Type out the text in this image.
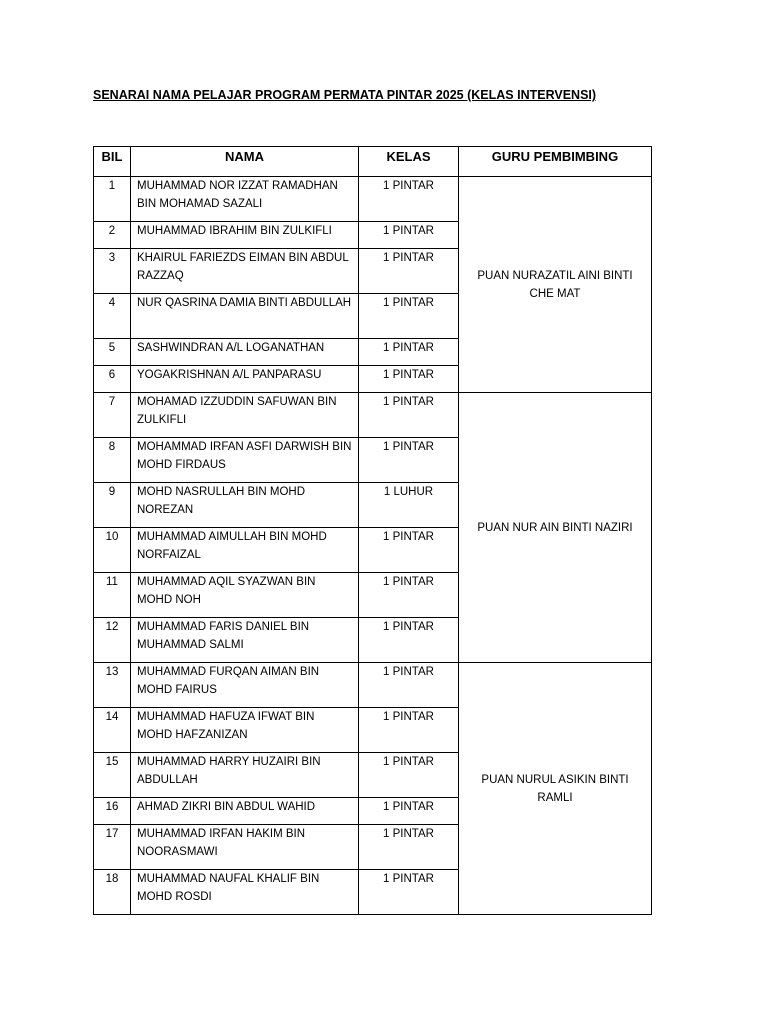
SENARAI NAMA PELAJAR PROGRAM PERMATA PINTAR 2025 (KELAS INTERVENSI)
BIL	NAMA	KELAS	GURU PEMBIMBING
1	MUHAMMAD NOR IZZAT RAMADHAN BIN MOHAMAD SAZALI	1 PINTAR	PUAN NURAZATIL AINI BINTI CHE MAT
2	MUHAMMAD IBRAHIM BIN ZULKIFLI	1 PINTAR	
3	KHAIRUL FARIEZDS EIMAN BIN ABDUL RAZZAQ	1 PINTAR	
4	NUR QASRINA DAMIA BINTI ABDULLAH	1 PINTAR	
5	SASHWINDRAN A/L LOGANATHAN	1 PINTAR	
6	YOGAKRISHNAN A/L PANPARASU	1 PINTAR	
7	MOHAMAD IZZUDDIN SAFUWAN BIN ZULKIFLI	1 PINTAR	PUAN NUR AIN BINTI NAZIRI
8	MOHAMMAD IRFAN ASFI DARWISH BIN MOHD FIRDAUS	1 PINTAR	
9	MOHD NASRULLAH BIN MOHD NOREZAN	1 LUHUR	
10	MUHAMMAD AIMULLAH BIN MOHD NORFAIZAL	1 PINTAR	
11	MUHAMMAD AQIL SYAZWAN BIN MOHD NOH	1 PINTAR	
12	MUHAMMAD FARIS DANIEL BIN MUHAMMAD SALMI	1 PINTAR	
13	MUHAMMAD FURQAN AIMAN BIN MOHD FAIRUS	1 PINTAR	PUAN NURUL ASIKIN BINTI RAMLI
14	MUHAMMAD HAFUZA IFWAT BIN MOHD HAFZANIZAN	1 PINTAR	
15	MUHAMMAD HARRY HUZAIRI BIN ABDULLAH	1 PINTAR	
16	AHMAD ZIKRI BIN ABDUL WAHID	1 PINTAR	
17	MUHAMMAD IRFAN HAKIM BIN NOORASMAWI	1 PINTAR	
18	MUHAMMAD NAUFAL KHALIF BIN MOHD ROSDI	1 PINTAR	
